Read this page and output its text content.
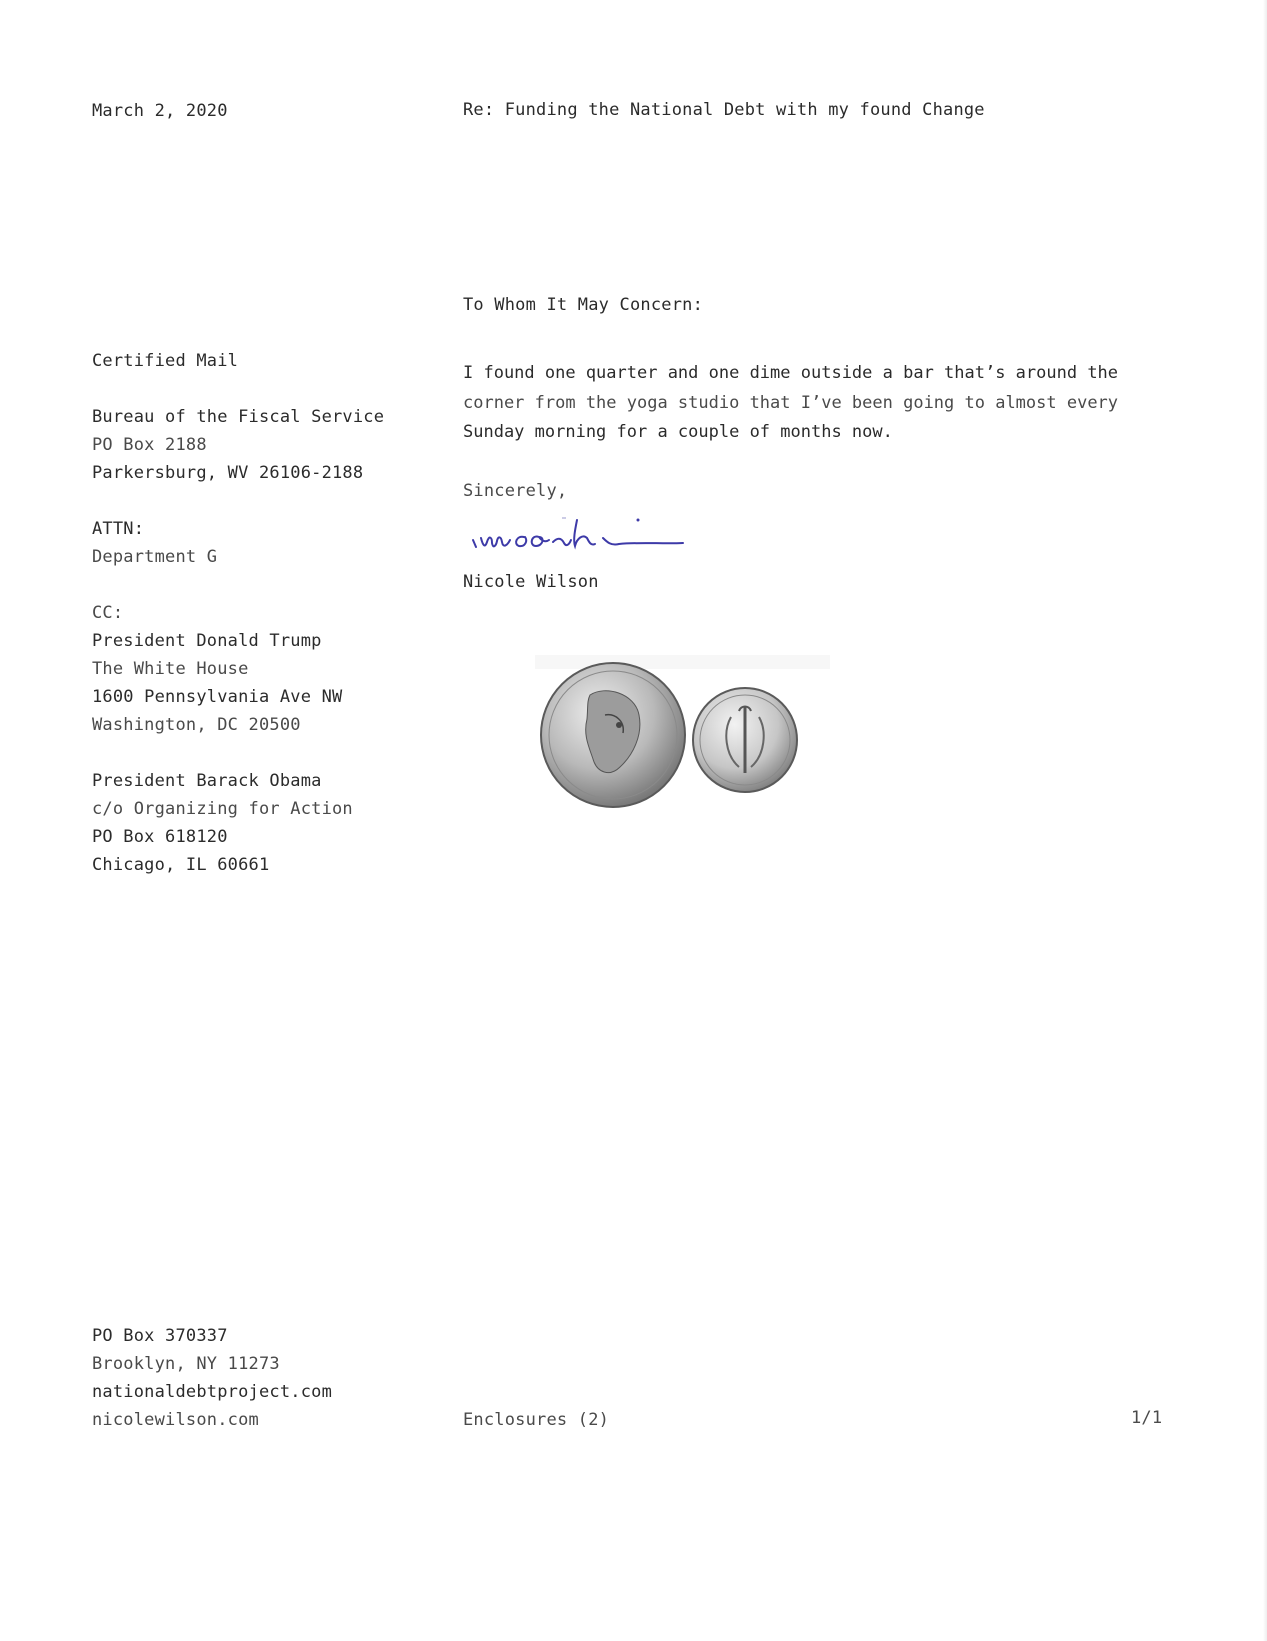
March 2, 2020	Re: Funding the National Debt with my found Change
To Whom It May Concern:
Certified Mail
Bureau of the Fiscal Service
PO Box 2188
Parkersburg, WV 26106-2188
ATTN:
Department G
CC:
President Donald Trump
The White House
1600 Pennsylvania Ave NW
Washington, DC 20500
President Barack Obama
c/o Organizing for Action
PO Box 618120
Chicago, IL 60661
I found one quarter and one dime outside a bar that’s around the
corner from the yoga studio that I’ve been going to almost every
Sunday morning for a couple of months now.
Sincerely,
Nicole Wilson
PO Box 370337
Brooklyn, NY 11273
nationaldebtproject.com
nicolewilson.com	Enclosures (2)	1/1
